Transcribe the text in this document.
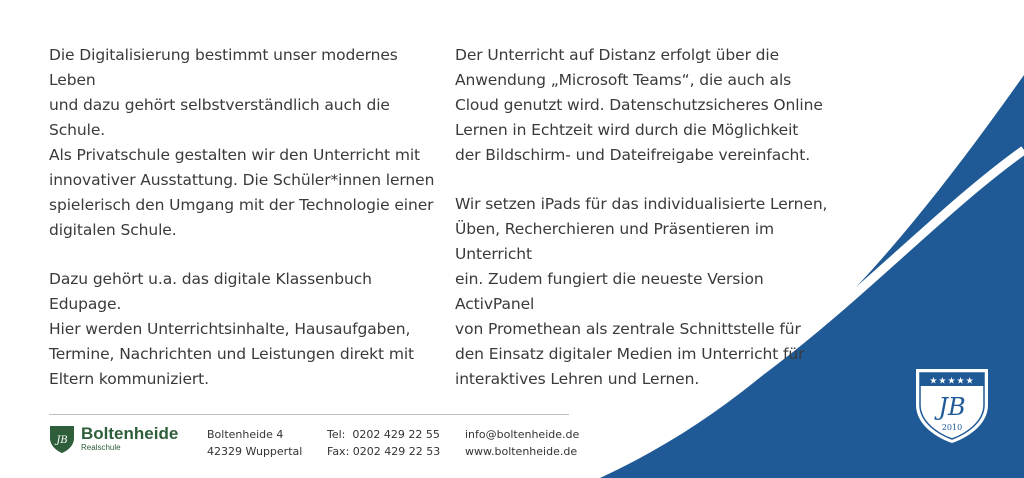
Die Digitalisierung bestimmt unser modernes Leben
und dazu gehört selbstverständlich auch die Schule.
Als Privatschule gestalten wir den Unterricht mit
innovativer Ausstattung. Die Schüler*innen lernen
spielerisch den Umgang mit der Technologie einer
digitalen Schule.

Dazu gehört u.a. das digitale Klassenbuch Edupage.
Hier werden Unterrichtsinhalte, Hausaufgaben,
Termine, Nachrichten und Leistungen direkt mit
Eltern kommuniziert.

Der Unterricht auf Distanz erfolgt über die
Anwendung „Microsoft Teams“, die auch als
Cloud genutzt wird. Datenschutzsicheres Online
Lernen in Echtzeit wird durch die Möglichkeit
der Bildschirm- und Dateifreigabe vereinfacht.

Wir setzen iPads für das individualisierte Lernen,
Üben, Recherchieren und Präsentieren im Unterricht
ein. Zudem fungiert die neueste Version ActivPanel
von Promethean als zentrale Schnittstelle für
den Einsatz digitaler Medien im Unterricht für
interaktives Lehren und Lernen.

JB Boltenheide
Realschule
Boltenheide 4
42329 Wuppertal
Tel:  0202 429 22 55
Fax: 0202 429 22 53
info@boltenheide.de
www.boltenheide.de
★★★★★
JB
2010
